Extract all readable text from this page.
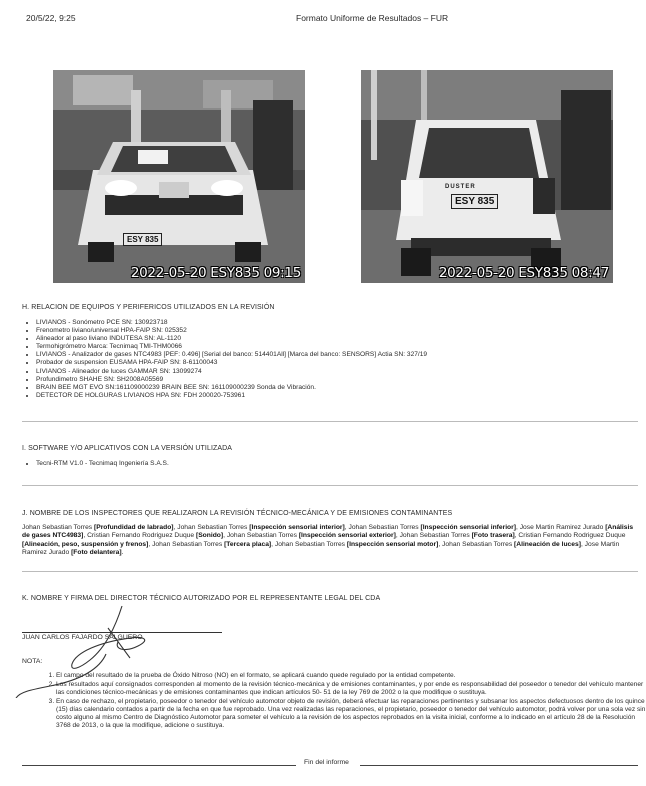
20/5/22, 9:25	Formato Uniforme de Resultados – FUR
ESY 835
2022-05-20 ESY835 09:15
DUSTER
ESY 835
2022-05-20 ESY835 08:47
H. RELACION DE EQUIPOS Y PERIFERICOS UTILIZADOS EN LA REVISIÓN
• LIVIANOS - Sonómetro PCE SN: 130923718
• Frenometro liviano/universal HPA-FAIP SN: 025352
• Alineador al paso liviano INDUTESA SN: AL-1120
• Termohigrómetro Marca: Tecnimaq TMI-THM0066
• LIVIANOS - Analizador de gases NTC4983 [PEF: 0.496] [Serial del banco: 514401All] [Marca del banco: SENSORS] Actia SN: 327/19
• Probador de suspension EUSAMA HPA-FAIP SN: 8-61100043
• LIVIANOS - Alineador de luces GAMMAR SN: 13099274
• Profundimetro SHAHE SN: SH2008A05569
• BRAIN BEE MGT EVO SN:161109000239 BRAIN BEE SN: 161109000239 Sonda de Vibración.
• DETECTOR DE HOLGURAS LIVIANOS HPA SN: FDH 200020-753961
I. SOFTWARE Y/O APLICATIVOS CON LA VERSIÓN UTILIZADA
• Tecni-RTM V1.0 - Tecnimaq Ingeniería S.A.S.
J. NOMBRE DE LOS INSPECTORES QUE REALIZARON LA REVISIÓN TÉCNICO-MECÁNICA Y DE EMISIONES CONTAMINANTES
Johan Sebastian Torres [Profundidad de labrado], Johan Sebastian Torres [Inspección sensorial interior], Johan Sebastian Torres [Inspección sensorial inferior], Jose Martin Ramirez Jurado [Análisis de gases NTC4983], Cristian Fernando Rodriguez Duque [Sonido], Johan Sebastian Torres [Inspección sensorial exterior], Johan Sebastian Torres [Foto trasera], Cristian Fernando Rodriguez Duque [Alineación, peso, suspensión y frenos], Johan Sebastian Torres [Tercera placa], Johan Sebastian Torres [Inspección sensorial motor], Johan Sebastian Torres [Alineación de luces], Jose Martin Ramirez Jurado [Foto delantera].
K. NOMBRE Y FIRMA DEL DIRECTOR TÉCNICO AUTORIZADO POR EL REPRESENTANTE LEGAL DEL CDA
JUAN CARLOS FAJARDO SALGUERO
NOTA:
1. El campo del resultado de la prueba de Óxido Nitroso (NO) en el formato, se aplicará cuando quede regulado por la entidad competente.
2. Los resultados aquí consignados corresponden al momento de la revisión técnico-mecánica y de emisiones contaminantes, y por ende es responsabilidad del poseedor o tenedor del vehículo mantener las condiciones técnico-mecánicas y de emisiones contaminantes que indican artículos 50- 51 de la ley 769 de 2002 o la que modifique o sustituya.
3. En caso de rechazo, el propietario, poseedor o tenedor del vehículo automotor objeto de revisión, deberá efectuar las reparaciones pertinentes y subsanar los aspectos defectuosos dentro de los quince (15) días calendario contados a partir de la fecha en que fue reprobado. Una vez realizadas las reparaciones, el propietario, poseedor o tenedor del vehículo automotor, podrá volver por una sola vez sin costo alguno al mismo Centro de Diagnóstico Automotor para someter el vehículo a la revisión de los aspectos reprobados en la visita inicial, conforme a lo indicado en el artículo 28 de la Resolución 3768 de 2013, o la que la modifique, adicione o sustituya.
Fin del informe
